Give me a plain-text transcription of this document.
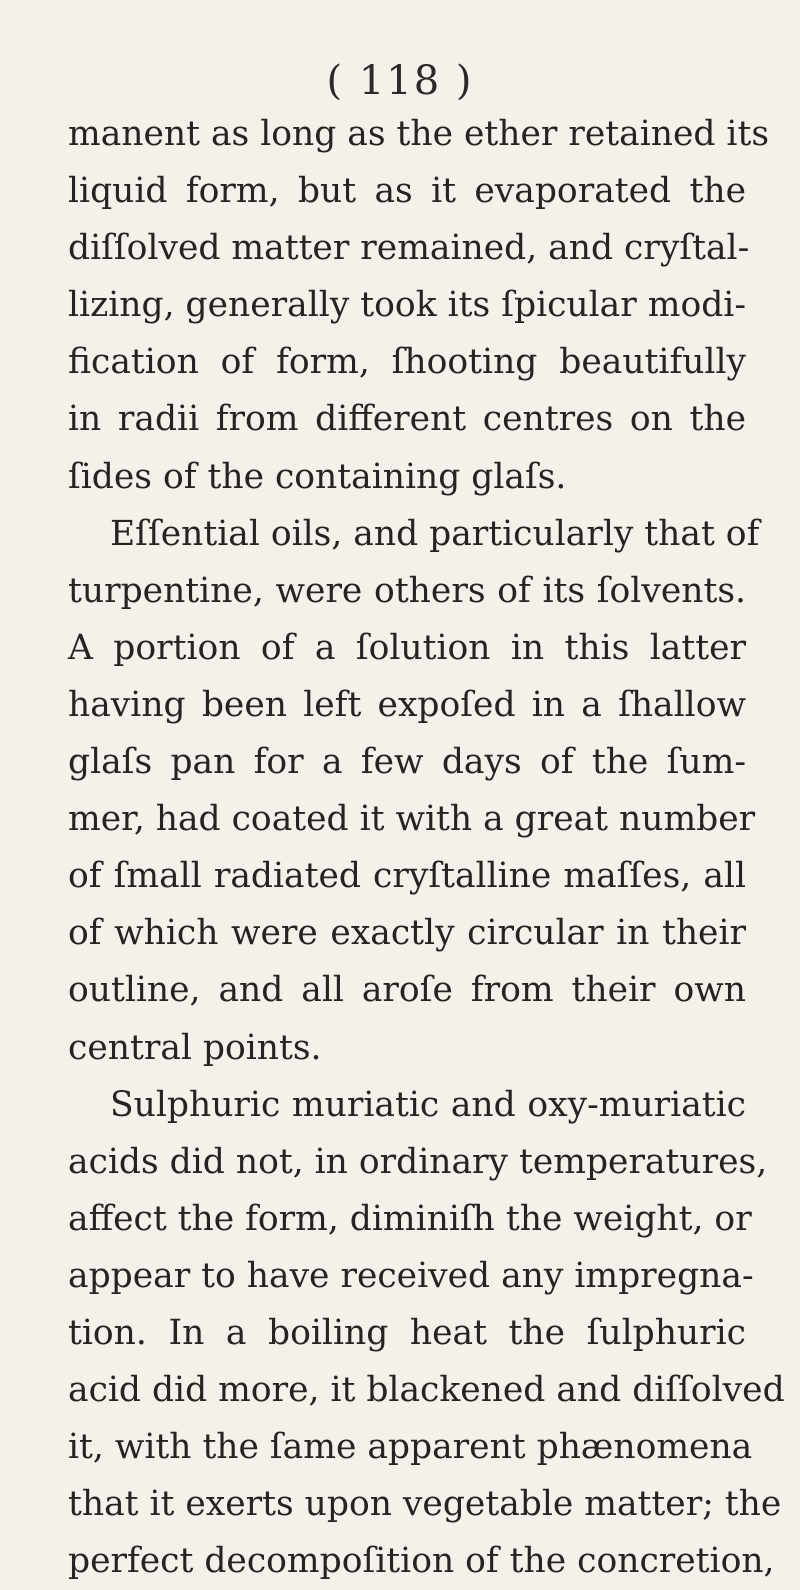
( 118 )
manent as long as the ether retained its
liquid form, but as it evaporated the
diſſolved matter remained, and cryſtal-
lizing, generally took its ſpicular modi-
fication of form, ſhooting beautifully
in radii from different centres on the
ſides of the containing glaſs.
Eſſential oils, and particularly that of
turpentine, were others of its ſolvents.
A portion of a ſolution in this latter
having been left expoſed in a ſhallow
glaſs pan for a few days of the ſum-
mer, had coated it with a great number
of ſmall radiated cryſtalline maſſes, all
of which were exactly circular in their
outline, and all aroſe from their own
central points.
Sulphuric muriatic and oxy-muriatic
acids did not, in ordinary temperatures,
affect the form, diminiſh the weight, or
appear to have received any impregna-
tion. In a boiling heat the ſulphuric
acid did more, it blackened and diſſolved
it, with the ſame apparent phænomena
that it exerts upon vegetable matter; the
perfect decompoſition of the concretion,
